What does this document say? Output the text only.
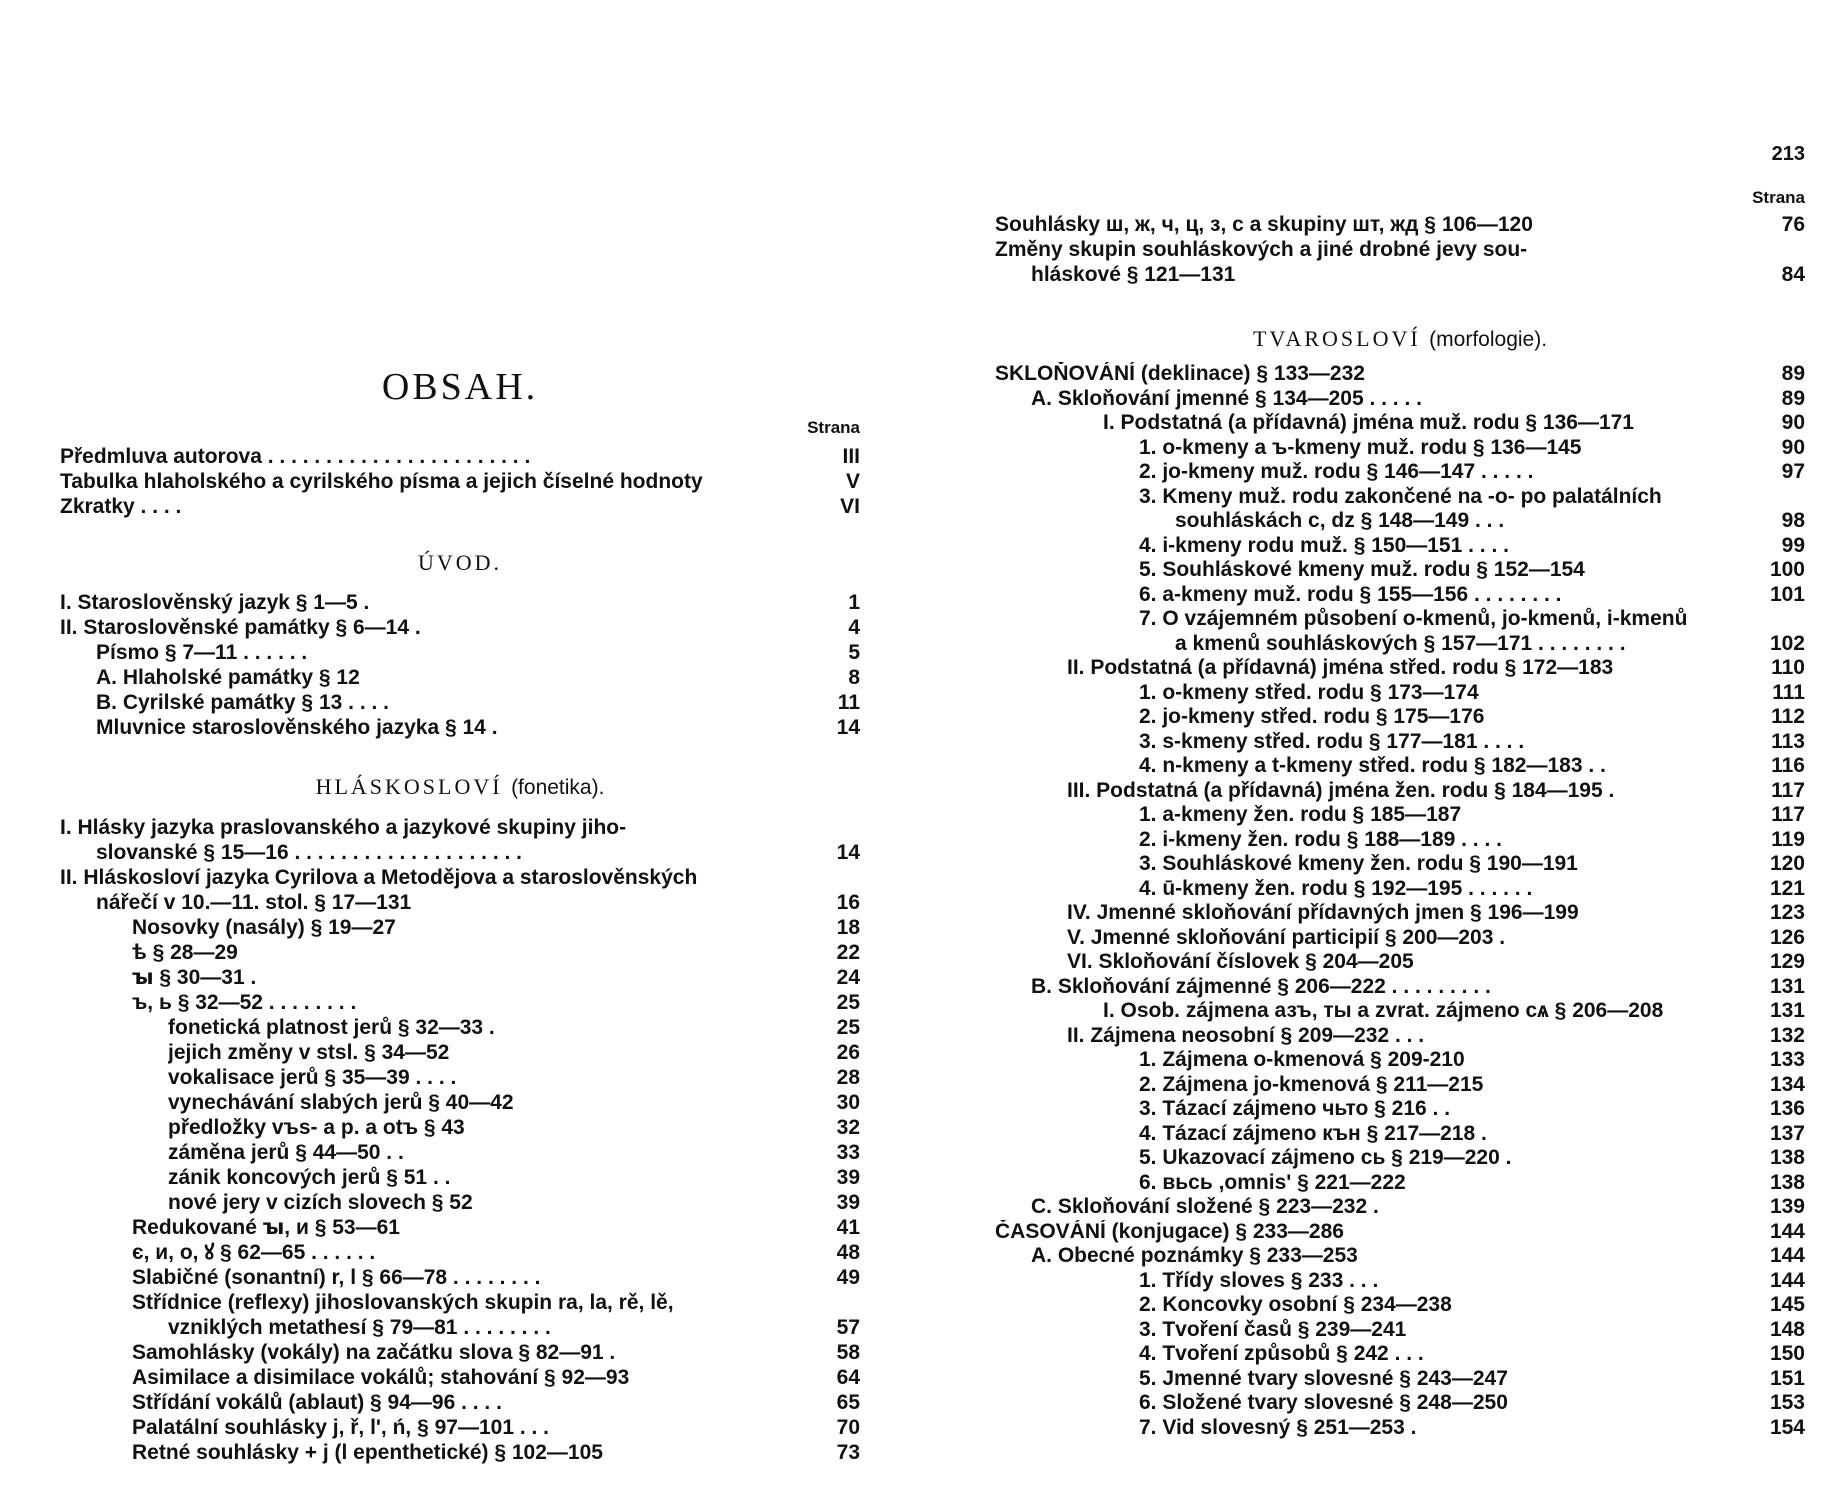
OBSAH.
Strana
Předmluva autorova . . . . . . . . . . . . . . . . . . . . . . .	III
Tabulka hlaholského a cyrilského písma a jejich číselné hodnoty	V
Zkratky . . . .	VI
ÚVOD.
I. Staroslověnský jazyk § 1—5 .	1
II. Staroslověnské památky § 6—14 .	4
Písmo § 7—11 . . . . . .	5
A. Hlaholské památky § 12	8
B. Cyrilské památky § 13 . . . .	11
Mluvnice staroslověnského jazyka § 14 .	14
HLÁSKOSLOVÍ (fonetika).
I. Hlásky jazyka praslovanského a jazykové skupiny jiho-
slovanské § 15—16 . . . . . . . . . . . . . . . . . . . .	14
II. Hláskosloví jazyka Cyrilova a Metodějova a staroslověnských
nářečí v 10.—11. stol. § 17—131	16
Nosovky (nasály) § 19—27	18
ѣ § 28—29	22
ꙑ § 30—31 .	24
ъ, ь § 32—52 . . . . . . . .	25
fonetická platnost jerů § 32—33 .	25
jejich změny v stsl. § 34—52	26
vokalisace jerů § 35—39 . . . .	28
vynechávání slabých jerů § 40—42	30
předložky vъs- a p. a otъ § 43	32
záměna jerů § 44—50 . .	33
zánik koncových jerů § 51 . .	39
nové jery v cizích slovech § 52	39
Redukované ꙑ, и § 53—61	41
є, и, о, ꙋ § 62—65 . . . . . .	48
Slabičné (sonantní) r, l § 66—78 . . . . . . . .	49
Střídnice (reflexy) jihoslovanských skupin ra, la, rě, lě,
vzniklých metathesí § 79—81 . . . . . . . .	57
Samohlásky (vokály) na začátku slova § 82—91 .	58
Asimilace a disimilace vokálů; stahování § 92—93	64
Střídání vokálů (ablaut) § 94—96 . . . .	65
Palatální souhlásky j, ř, l', ń, § 97—101 . . .	70
Retné souhlásky + j (l epenthetické) § 102—105	73
213
Strana
Souhlásky ш, ж, ч, ц, з, с a skupiny шт, жд § 106—120	76
Změny skupin souhláskových a jiné drobné jevy sou-
hláskové § 121—131	84
TVAROSLOVÍ (morfologie).
SKLOŇOVÁNÍ (deklinace) § 133—232	89
A. Skloňování jmenné § 134—205 . . . . .	89
I. Podstatná (a přídavná) jména muž. rodu § 136—171	90
1. o-kmeny a ъ-kmeny muž. rodu § 136—145	90
2. jo-kmeny muž. rodu § 146—147 . . . . .	97
3. Kmeny muž. rodu zakončené na -o- po palatálních
souhláskách c, dz § 148—149 . . .	98
4. i-kmeny rodu muž. § 150—151 . . . .	99
5. Souhláskové kmeny muž. rodu § 152—154	100
6. a-kmeny muž. rodu § 155—156 . . . . . . . .	101
7. O vzájemném působení o-kmenů, jo-kmenů, i-kmenů
a kmenů souhláskových § 157—171 . . . . . . . .	102
II. Podstatná (a přídavná) jména střed. rodu § 172—183	110
1. o-kmeny střed. rodu § 173—174	111
2. jo-kmeny střed. rodu § 175—176	112
3. s-kmeny střed. rodu § 177—181 . . . .	113
4. n-kmeny a t-kmeny střed. rodu § 182—183 . .	116
III. Podstatná (a přídavná) jména žen. rodu § 184—195 .	117
1. a-kmeny žen. rodu § 185—187	117
2. i-kmeny žen. rodu § 188—189 . . . .	119
3. Souhláskové kmeny žen. rodu § 190—191	120
4. ū-kmeny žen. rodu § 192—195 . . . . . .	121
IV. Jmenné skloňování přídavných jmen § 196—199	123
V. Jmenné skloňování participií § 200—203 .	126
VI. Skloňování číslovek § 204—205	129
B. Skloňování zájmenné § 206—222 . . . . . . . . .	131
I. Osob. zájmena азъ, ты a zvrat. zájmeno сѧ § 206—208	131
II. Zájmena neosobní § 209—232 . . .	132
1. Zájmena o-kmenová § 209-210	133
2. Zájmena jo-kmenová § 211—215	134
3. Tázací zájmeno чьто § 216 . .	136
4. Tázací zájmeno кън § 217—218 .	137
5. Ukazovací zájmeno сь § 219—220 .	138
6. вьсь ,omnis' § 221—222	138
C. Skloňování složené § 223—232 .	139
ČASOVÁNÍ (konjugace) § 233—286	144
A. Obecné poznámky § 233—253	144
1. Třídy sloves § 233 . . .	144
2. Koncovky osobní § 234—238	145
3. Tvoření časů § 239—241	148
4. Tvoření způsobů § 242 . . .	150
5. Jmenné tvary slovesné § 243—247	151
6. Složené tvary slovesné § 248—250	153
7. Vid slovesný § 251—253 .	154
